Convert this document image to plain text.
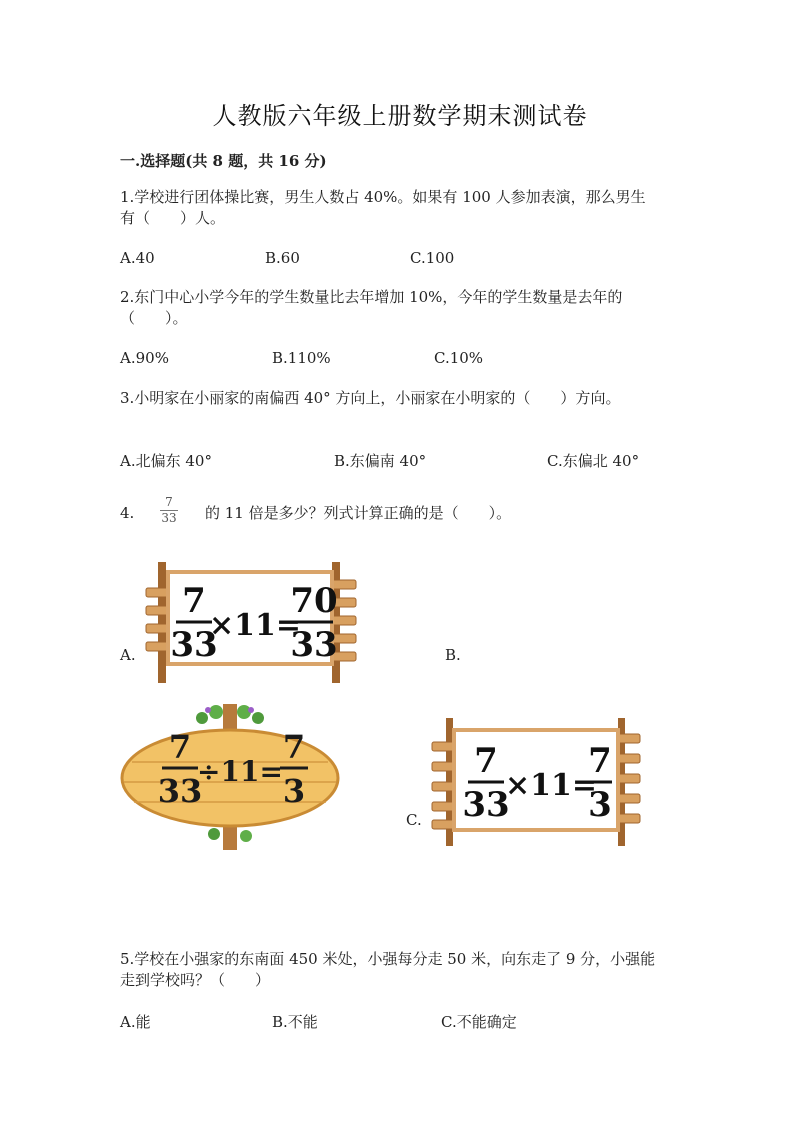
人教版六年级上册数学期末测试卷
一.选择题(共 8 题，共 16 分)
1.学校进行团体操比赛，男生人数占 40%。如果有 100 人参加表演，那么男生
有（　　）人。
A.40	B.60	C.100
2.东门中心小学今年的学生数量比去年增加 10%，今年的学生数量是去年的
（　　）。
A.90%	B.110%	C.10%
3.小明家在小丽家的南偏西 40° 方向上，小丽家在小明家的（　　）方向。
A.北偏东 40°	B.东偏南 40°	C.东偏北 40°
4.
7
33 的 11 倍是多少？列式计算正确的是（　　）。
A.
7
33
×11=
70
33	B.
7
33
÷11=
7
3
C.
7
33
×11=
7
3
5.学校在小强家的东南面 450 米处，小强每分走 50 米，向东走了 9 分，小强能
走到学校吗？（　　）
A.能	B.不能	C.不能确定
